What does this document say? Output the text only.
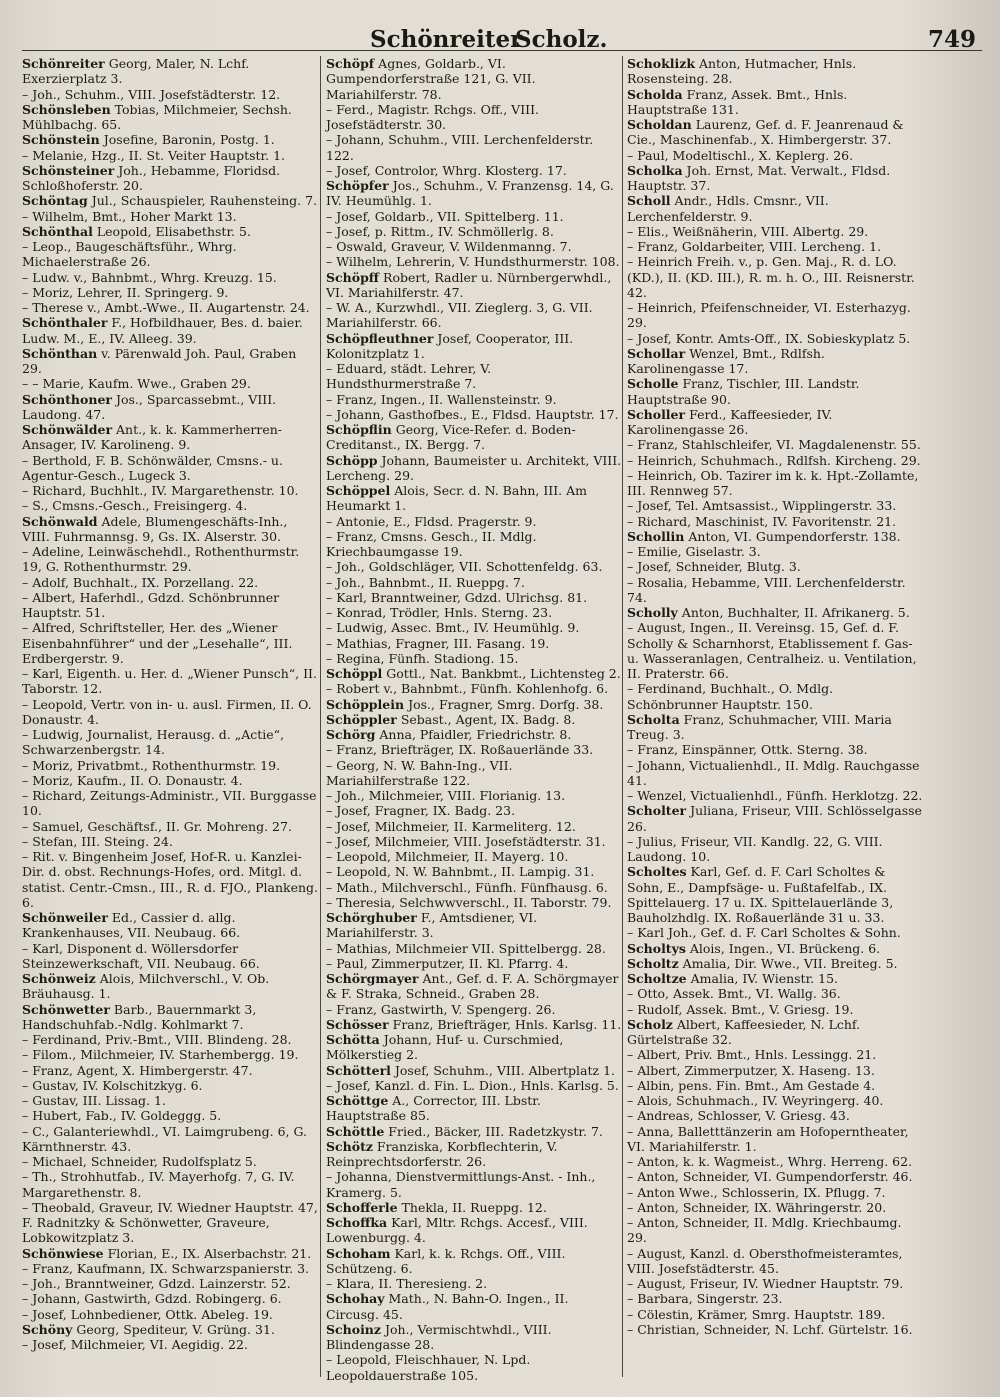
Schönreiter
Scholz.	749

Schönreiter Georg, Maler, N. Lchf. Exerzierplatz 3.

– Joh., Schuhm., VIII. Josefstädterstr. 12.

Schönsleben Tobias, Milchmeier, Sechsh. Mühlbachg. 65.

Schönstein Josefine, Baronin, Postg. 1.

– Melanie, Hzg., II. St. Veiter Hauptstr. 1.

Schönsteiner Joh., Hebamme, Floridsd. Schloßhoferstr. 20.

Schöntag Jul., Schauspieler, Rauhensteing. 7.

– Wilhelm, Bmt., Hoher Markt 13.

Schönthal Leopold, Elisabethstr. 5.

– Leop., Baugeschäftsführ., Whrg. Michaelerstraße 26.

– Ludw. v., Bahnbmt., Whrg. Kreuzg. 15.

– Moriz, Lehrer, II. Springerg. 9.

– Therese v., Ambt.-Wwe., II. Augartenstr. 24.

Schönthaler F., Hofbildhauer, Bes. d. baier. Ludw. M., E., IV. Alleeg. 39.

Schönthan v. Pärenwald Joh. Paul, Graben 29.

– – Marie, Kaufm. Wwe., Graben 29.

Schönthoner Jos., Sparcassebmt., VIII. Laudong. 47.

Schönwälder Ant., k. k. Kammerherren-Ansager, IV. Karolineng. 9.

– Berthold, F. B. Schönwälder, Cmsns.- u. Agentur-Gesch., Lugeck 3.

– Richard, Buchhlt., IV. Margarethenstr. 10.

– S., Cmsns.-Gesch., Freisingerg. 4.

Schönwald Adele, Blumengeschäfts-Inh., VIII. Fuhrmannsg. 9, Gs. IX. Alserstr. 30.

– Adeline, Leinwäschehdl., Rothenthurmstr. 19, G. Rothenthurmstr. 29.

– Adolf, Buchhalt., IX. Porzellang. 22.

– Albert, Haferhdl., Gdzd. Schönbrunner Hauptstr. 51.

– Alfred, Schriftsteller, Her. des „Wiener Eisenbahnführer“ und der „Lesehalle“, III. Erdbergerstr. 9.

– Karl, Eigenth. u. Her. d. „Wiener Punsch“, II. Taborstr. 12.

– Leopold, Vertr. von in- u. ausl. Firmen, II. O. Donaustr. 4.

– Ludwig, Journalist, Herausg. d. „Actie“, Schwarzenbergstr. 14.

– Moriz, Privatbmt., Rothenthurmstr. 19.

– Moriz, Kaufm., II. O. Donaustr. 4.

– Richard, Zeitungs-Administr., VII. Burggasse 10.

– Samuel, Geschäftsf., II. Gr. Mohreng. 27.

– Stefan, III. Steing. 24.

– Rit. v. Bingenheim Josef, Hof-R. u. Kanzlei-Dir. d. obst. Rechnungs-Hofes, ord. Mitgl. d. statist. Centr.-Cmsn., III., R. d. FJO., Plankeng. 6.

Schönweiler Ed., Cassier d. allg. Krankenhauses, VII. Neubaug. 66.

– Karl, Disponent d. Wöllersdorfer Steinzewerkschaft, VII. Neubaug. 66.

Schönweiz Alois, Milchverschl., V. Ob. Bräuhausg. 1.

Schönwetter Barb., Bauernmarkt 3, Handschuhfab.-Ndlg. Kohlmarkt 7.

– Ferdinand, Priv.-Bmt., VIII. Blindeng. 28.

– Filom., Milchmeier, IV. Starhembergg. 19.

– Franz, Agent, X. Himbergerstr. 47.

– Gustav, IV. Kolschitzkyg. 6.

– Gustav, III. Lissag. 1.

– Hubert, Fab., IV. Goldeggg. 5.

– C., Galanteriewhdl., VI. Laimgrubeng. 6, G. Kärnthnerstr. 43.

– Michael, Schneider, Rudolfsplatz 5.

– Th., Strohhutfab., IV. Mayerhofg. 7, G. IV. Margarethenstr. 8.

– Theobald, Graveur, IV. Wiedner Hauptstr. 47, F. Radnitzky & Schönwetter, Graveure, Lobkowitzplatz 3.

Schönwiese Florian, E., IX. Alserbachstr. 21.

– Franz, Kaufmann, IX. Schwarzspanierstr. 3.

– Joh., Branntweiner, Gdzd. Lainzerstr. 52.

– Johann, Gastwirth, Gdzd. Robingerg. 6.

– Josef, Lohnbediener, Ottk. Abeleg. 19.

Schöny Georg, Spediteur, V. Grüng. 31.

– Josef, Milchmeier, VI. Aegidig. 22.

Schöpf Agnes, Goldarb., VI. Gumpendorferstraße 121, G. VII. Mariahilferstr. 78.

– Ferd., Magistr. Rchgs. Off., VIII. Josefstädterstr. 30.

– Johann, Schuhm., VIII. Lerchenfelderstr. 122.

– Josef, Controlor, Whrg. Klosterg. 17.

Schöpfer Jos., Schuhm., V. Franzensg. 14, G. IV. Heumühlg. 1.

– Josef, Goldarb., VII. Spittelberg. 11.

– Josef, p. Rittm., IV. Schmöllerlg. 8.

– Oswald, Graveur, V. Wildenmanng. 7.

– Wilhelm, Lehrerin, V. Hundsthurmerstr. 108.

Schöpff Robert, Radler u. Nürnbergerwhdl., VI. Mariahilferstr. 47.

– W. A., Kurzwhdl., VII. Zieglerg. 3, G. VII. Mariahilferstr. 66.

Schöpfleuthner Josef, Cooperator, III. Kolonitzplatz 1.

– Eduard, städt. Lehrer, V. Hundsthurmerstraße 7.

– Franz, Ingen., II. Wallensteinstr. 9.

– Johann, Gasthofbes., E., Fldsd. Hauptstr. 17.

Schöpflin Georg, Vice-Refer. d. Boden-Creditanst., IX. Bergg. 7.

Schöpp Johann, Baumeister u. Architekt, VIII. Lercheng. 29.

Schöppel Alois, Secr. d. N. Bahn, III. Am Heumarkt 1.

– Antonie, E., Fldsd. Pragerstr. 9.

– Franz, Cmsns. Gesch., II. Mdlg. Kriechbaumgasse 19.

– Joh., Goldschläger, VII. Schottenfeldg. 63.

– Joh., Bahnbmt., II. Rueppg. 7.

– Karl, Branntweiner, Gdzd. Ulrichsg. 81.

– Konrad, Trödler, Hnls. Sterng. 23.

– Ludwig, Assec. Bmt., IV. Heumühlg. 9.

– Mathias, Fragner, III. Fasang. 19.

– Regina, Fünfh. Stadiong. 15.

Schöppl Gottl., Nat. Bankbmt., Lichtensteg 2.

– Robert v., Bahnbmt., Fünfh. Kohlenhofg. 6.

Schöpplein Jos., Fragner, Smrg. Dorfg. 38.

Schöppler Sebast., Agent, IX. Badg. 8.

Schörg Anna, Pfaidler, Friedrichstr. 8.

– Franz, Briefträger, IX. Roßauerlände 33.

– Georg, N. W. Bahn-Ing., VII. Mariahilferstraße 122.

– Joh., Milchmeier, VIII. Florianig. 13.

– Josef, Fragner, IX. Badg. 23.

– Josef, Milchmeier, II. Karmeliterg. 12.

– Josef, Milchmeier, VIII. Josefstädterstr. 31.

– Leopold, Milchmeier, II. Mayerg. 10.

– Leopold, N. W. Bahnbmt., II. Lampig. 31.

– Math., Milchverschl., Fünfh. Fünfhausg. 6.

– Theresia, Selchwwverschl., II. Taborstr. 79.

Schörghuber F., Amtsdiener, VI. Mariahilferstr. 3.

– Mathias, Milchmeier VII. Spittelbergg. 28.

– Paul, Zimmerputzer, II. Kl. Pfarrg. 4.

Schörgmayer Ant., Gef. d. F. A. Schörgmayer & F. Straka, Schneid., Graben 28.

– Franz, Gastwirth, V. Spengerg. 26.

Schösser Franz, Briefträger, Hnls. Karlsg. 11.

Schötta Johann, Huf- u. Curschmied, Mölkerstieg 2.

Schötterl Josef, Schuhm., VIII. Albertplatz 1.

– Josef, Kanzl. d. Fin. L. Dion., Hnls. Karlsg. 5.

Schöttge A., Corrector, III. Lbstr. Hauptstraße 85.

Schöttle Fried., Bäcker, III. Radetzkystr. 7.

Schötz Franziska, Korbflechterin, V. Reinprechtsdorferstr. 26.

– Johanna, Dienstvermittlungs-Anst. - Inh., Kramerg. 5.

Schofferle Thekla, II. Rueppg. 12.

Schoffka Karl, Mltr. Rchgs. Accesf., VIII. Lowenburgg. 4.

Schoham Karl, k. k. Rchgs. Off., VIII. Schützeng. 6.

– Klara, II. Theresieng. 2.

Schohay Math., N. Bahn-O. Ingen., II. Circusg. 45.

Schoinz Joh., Vermischtwhdl., VIII. Blindengasse 28.

– Leopold, Fleischhauer, N. Lpd. Leopoldauerstraße 105.

Schoklizk Anton, Hutmacher, Hnls. Rosensteing. 28.

Scholda Franz, Assek. Bmt., Hnls. Hauptstraße 131.

Scholdan Laurenz, Gef. d. F. Jeanrenaud & Cie., Maschinenfab., X. Himbergerstr. 37.

– Paul, Modeltischl., X. Keplerg. 26.

Scholka Joh. Ernst, Mat. Verwalt., Fldsd. Hauptstr. 37.

Scholl Andr., Hdls. Cmsnr., VII. Lerchenfelderstr. 9.

– Elis., Weißnäherin, VIII. Albertg. 29.

– Franz, Goldarbeiter, VIII. Lercheng. 1.

– Heinrich Freih. v., p. Gen. Maj., R. d. LO. (KD.), II. (KD. III.), R. m. h. O., III. Reisnerstr. 42.

– Heinrich, Pfeifenschneider, VI. Esterhazyg. 29.

– Josef, Kontr. Amts-Off., IX. Sobieskyplatz 5.

Schollar Wenzel, Bmt., Rdlfsh. Karolinengasse 17.

Scholle Franz, Tischler, III. Landstr. Hauptstraße 90.

Scholler Ferd., Kaffeesieder, IV. Karolinengasse 26.

– Franz, Stahlschleifer, VI. Magdalenenstr. 55.

– Heinrich, Schuhmach., Rdlfsh. Kircheng. 29.

– Heinrich, Ob. Tazirer im k. k. Hpt.-Zollamte, III. Rennweg 57.

– Josef, Tel. Amtsassist., Wipplingerstr. 33.

– Richard, Maschinist, IV. Favoritenstr. 21.

Schollin Anton, VI. Gumpendorferstr. 138.

– Emilie, Giselastr. 3.

– Josef, Schneider, Blutg. 3.

– Rosalia, Hebamme, VIII. Lerchenfelderstr. 74.

Scholly Anton, Buchhalter, II. Afrikanerg. 5.

– August, Ingen., II. Vereinsg. 15, Gef. d. F. Scholly & Scharnhorst, Etablissement f. Gas- u. Wasseranlagen, Centralheiz. u. Ventilation, II. Praterstr. 66.

– Ferdinand, Buchhalt., O. Mdlg. Schönbrunner Hauptstr. 150.

Scholta Franz, Schuhmacher, VIII. Maria Treug. 3.

– Franz, Einspänner, Ottk. Sterng. 38.

– Johann, Victualienhdl., II. Mdlg. Rauchgasse 41.

– Wenzel, Victualienhdl., Fünfh. Herklotzg. 22.

Scholter Juliana, Friseur, VIII. Schlösselgasse 26.

– Julius, Friseur, VII. Kandlg. 22, G. VIII. Laudong. 10.

Scholtes Karl, Gef. d. F. Carl Scholtes & Sohn, E., Dampfsäge- u. Fußtafelfab., IX. Spittelauerg. 17 u. IX. Spittelauerlände 3, Bauholzhdlg. IX. Roßauerlände 31 u. 33.

– Karl Joh., Gef. d. F. Carl Scholtes & Sohn.

Scholtys Alois, Ingen., VI. Brückeng. 6.

Scholtz Amalia, Dir. Wwe., VII. Breiteg. 5.

Scholtze Amalia, IV. Wienstr. 15.

– Otto, Assek. Bmt., VI. Wallg. 36.

– Rudolf, Assek. Bmt., V. Griesg. 19.

Scholz Albert, Kaffeesieder, N. Lchf. Gürtelstraße 32.

– Albert, Priv. Bmt., Hnls. Lessingg. 21.

– Albert, Zimmerputzer, X. Haseng. 13.

– Albin, pens. Fin. Bmt., Am Gestade 4.

– Alois, Schuhmach., IV. Weyringerg. 40.

– Andreas, Schlosser, V. Griesg. 43.

– Anna, Balletttänzerin am Hofoperntheater, VI. Mariahilferstr. 1.

– Anton, k. k. Wagmeist., Whrg. Herreng. 62.

– Anton, Schneider, VI. Gumpendorferstr. 46.

– Anton Wwe., Schlosserin, IX. Pflugg. 7.

– Anton, Schneider, IX. Währingerstr. 20.

– Anton, Schneider, II. Mdlg. Kriechbaumg. 29.

– August, Kanzl. d. Obersthofmeisteramtes, VIII. Josefstädterstr. 45.

– August, Friseur, IV. Wiedner Hauptstr. 79.

– Barbara, Singerstr. 23.

– Cölestin, Krämer, Smrg. Hauptstr. 189.

– Christian, Schneider, N. Lchf. Gürtelstr. 16.
